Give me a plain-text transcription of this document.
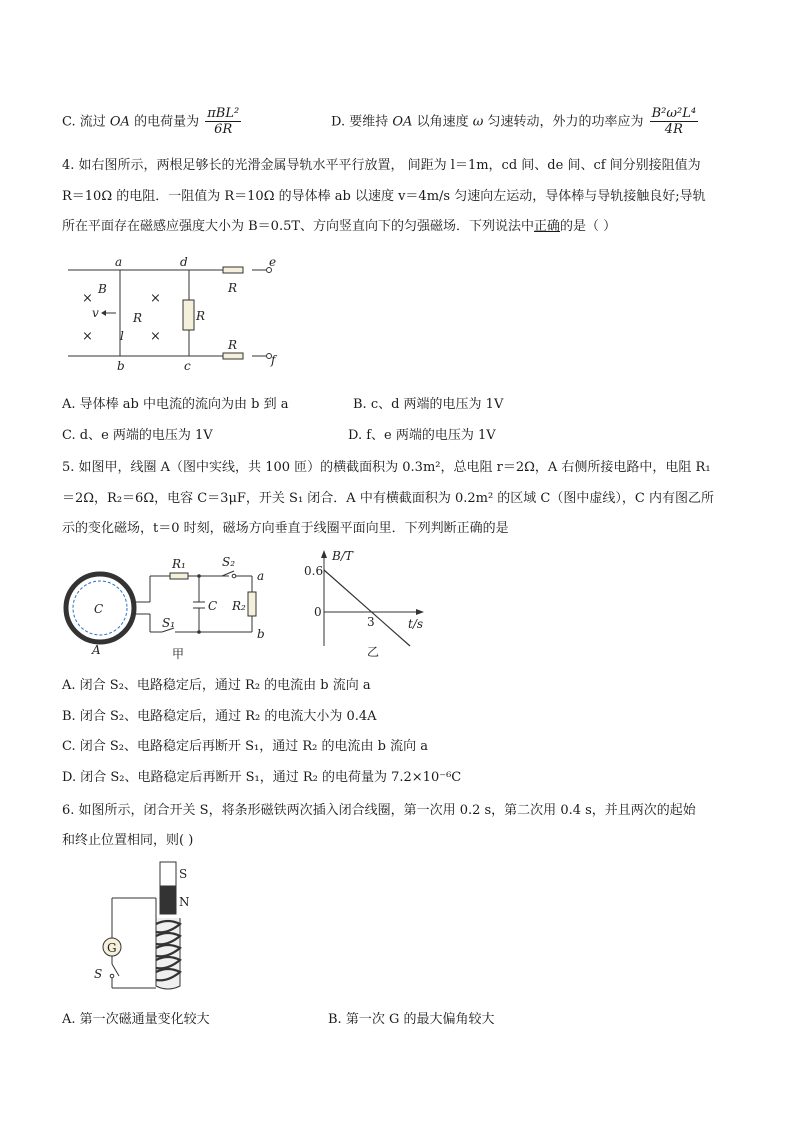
C. 流过 OA 的电荷量为 $\frac{\text{πBL²}}{6R}$	D. 要维持 OA 以角速度 ω 匀速转动，外力的功率应为 $\frac{\text{B²ω²L⁴}}{4R}$
4. 如右图所示，两根足够长的光滑金属导轨水平平行放置， 间距为 l＝1m，cd 间、de 间、cf 间分别接阻值为
R＝10Ω 的电阻．一阻值为 R＝10Ω 的导体棒 ab 以速度 v＝4m/s 匀速向左运动，导体棒与导轨接触良好;导轨
所在平面存在磁感应强度大小为 B＝0.5T、方向竖直向下的匀强磁场．下列说法中正确的是（ ）
a	d	e
b	c	f
B
v
l
R	R
R
R
×	×
×	×
A. 导体棒 ab 中电流的流向为由 b 到 a	B. c、d 两端的电压为 1V
C. d、e 两端的电压为 1V	D. f、e 两端的电压为 1V
5. 如图甲，线圈 A（图中实线，共 100 匝）的横截面积为 0.3m²，总电阻 r＝2Ω，A 右侧所接电路中，电阻 R₁
＝2Ω，R₂＝6Ω，电容 C＝3μF，开关 S₁ 闭合．A 中有横截面积为 0.2m² 的区域 C（图中虚线），C 内有图乙所
示的变化磁场，t＝0 时刻，磁场方向垂直于线圈平面向里．下列判断正确的是
C
A
R₁	S₂
a
C R₂
S₁
b
甲
B/T
0.6
0
3	t/s
乙
A. 闭合 S₂、电路稳定后，通过 R₂ 的电流由 b 流向 a
B. 闭合 S₂、电路稳定后，通过 R₂ 的电流大小为 0.4A
C. 闭合 S₂、电路稳定后再断开 S₁，通过 R₂ 的电流由 b 流向 a
D. 闭合 S₂、电路稳定后再断开 S₁，通过 R₂ 的电荷量为 7.2×10⁻⁶C
6. 如图所示，闭合开关 S，将条形磁铁两次插入闭合线圈，第一次用 0.2 s，第二次用 0.4 s，并且两次的起始
和终止位置相同，则( )
S
N
G
S
A. 第一次磁通量变化较大	B. 第一次 G 的最大偏角较大
